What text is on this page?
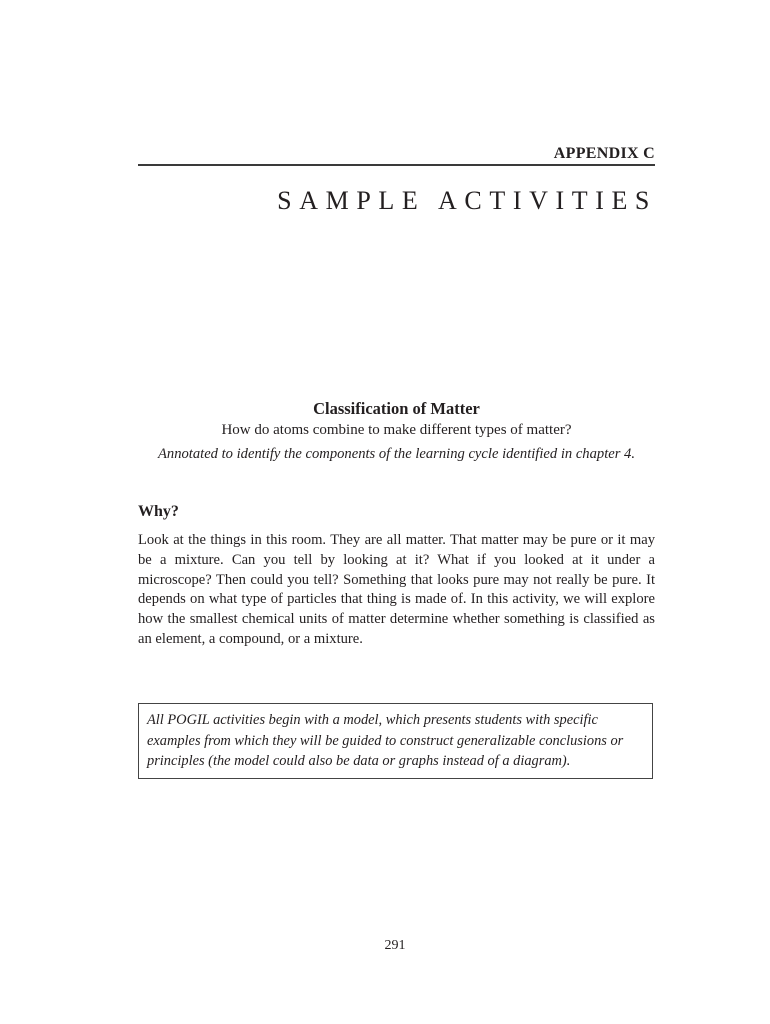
APPENDIX C
SAMPLE ACTIVITIES
Classification of Matter
How do atoms combine to make different types of matter?
Annotated to identify the components of the learning cycle identified in chapter 4.
Why?
Look at the things in this room. They are all matter. That matter may be pure or it may be a mixture. Can you tell by looking at it? What if you looked at it under a microscope? Then could you tell? Something that looks pure may not really be pure. It depends on what type of particles that thing is made of. In this activity, we will explore how the smallest chemical units of matter determine whether something is classified as an element, a compound, or a mixture.
All POGIL activities begin with a model, which presents students with specific examples from which they will be guided to construct generalizable conclusions or principles (the model could also be data or graphs instead of a diagram).
291
